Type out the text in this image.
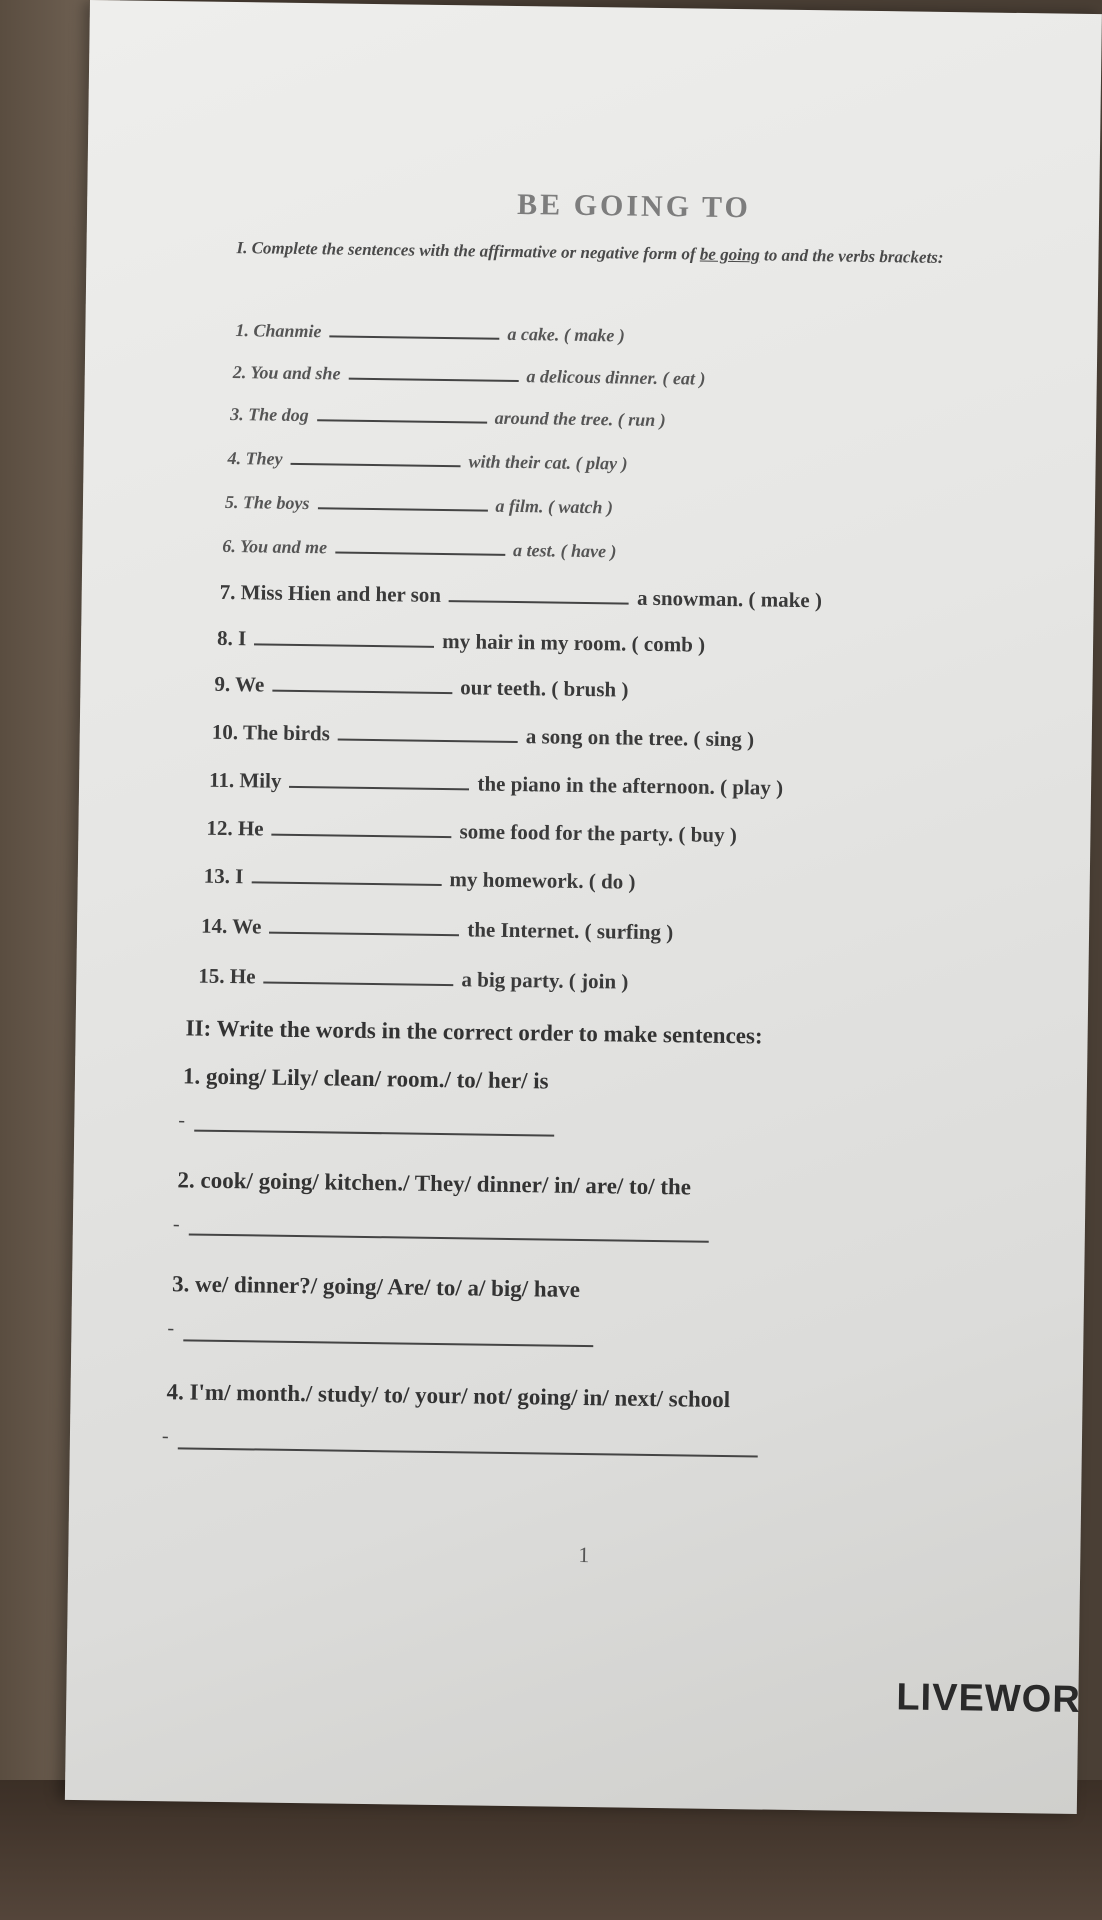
BE GOING TO
I. Complete the sentences with the affirmative or negative form of be going to and the verbs brackets:
1. Chanmie	a cake. ( make )
2. You and she	a delicous dinner. ( eat )
3. The dog	around the tree. ( run )
4. They	with their cat. ( play )
5. The boys	a film. ( watch )
6. You and me	a test. ( have )
7. Miss Hien and her son	a snowman. ( make )
8. I	my hair in my room. ( comb )
9. We	our teeth. ( brush )
10. The birds	a song on the tree. ( sing )
11. Mily	the piano in the afternoon. ( play )
12. He	some food for the party. ( buy )
13. I	my homework. ( do )
14. We	the Internet. ( surfing )
15. He	a big party. ( join )
II: Write the words in the correct order to make sentences:
1. going/ Lily/ clean/ room./ to/ her/ is
-
2. cook/ going/ kitchen./ They/ dinner/ in/ are/ to/ the
-
3. we/ dinner?/ going/ Are/ to/ a/ big/ have
-
4. I'm/ month./ study/ to/ your/ not/ going/ in/ next/ school
-
1
LIVEWOR
